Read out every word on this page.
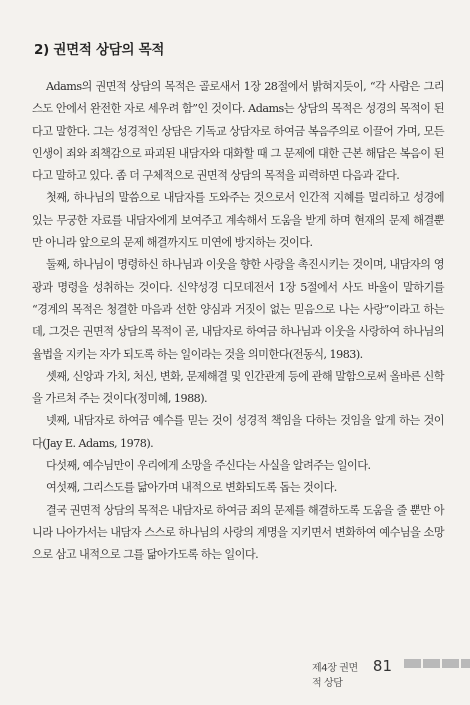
2) 권면적 상담의 목적

Adams의 권면적 상담의 목적은 골로새서 1장 28절에서 밝혀지듯이, “각 사람은 그리스도 안에서 완전한 자로 세우려 함”인 것이다. Adams는 상담의 목적은 성경의 목적이 된다고 말한다. 그는 성경적인 상담은 기독교 상담자로 하여금 복음주의로 이끌어 가며, 모든 인생이 죄와 죄책감으로 파괴된 내담자와 대화할 때 그 문제에 대한 근본 해답은 복음이 된다고 말하고 있다. 좀 더 구체적으로 권면적 상담의 목적을 피력하면 다음과 같다.

첫째, 하나님의 말씀으로 내담자를 도와주는 것으로서 인간적 지혜를 멀리하고 성경에 있는 무궁한 자료를 내담자에게 보여주고 계속해서 도움을 받게 하며 현재의 문제 해결뿐만 아니라 앞으로의 문제 해결까지도 미연에 방지하는 것이다.

둘째, 하나님이 명령하신 하나님과 이웃을 향한 사랑을 촉진시키는 것이며, 내담자의 영광과 명령을 성취하는 것이다. 신약성경 디모데전서 1장 5절에서 사도 바울이 말하기를 “경계의 목적은 청결한 마음과 선한 양심과 거짓이 없는 믿음으로 나는 사랑”이라고 하는데, 그것은 권면적 상담의 목적이 곧, 내담자로 하여금 하나님과 이웃을 사랑하여 하나님의 율법을 지키는 자가 되도록 하는 일이라는 것을 의미한다(전동식, 1983).

셋째, 신앙과 가치, 처신, 변화, 문제해결 및 인간관계 등에 관해 말함으로써 올바른 신학을 가르쳐 주는 것이다(정미혜, 1988).

넷째, 내담자로 하여금 예수를 믿는 것이 성경적 책임을 다하는 것임을 알게 하는 것이다(Jay E. Adams, 1978).

다섯째, 예수님만이 우리에게 소망을 주신다는 사실을 알려주는 일이다.

여섯째, 그리스도를 닮아가며 내적으로 변화되도록 돕는 것이다.

결국 권면적 상담의 목적은 내담자로 하여금 죄의 문제를 해결하도록 도움을 줄 뿐만 아니라 나아가서는 내담자 스스로 하나님의 사랑의 계명을 지키면서 변화하여 예수님을 소망으로 삼고 내적으로 그를 닮아가도록 하는 일이다.

제4장 권면적 상담
81
